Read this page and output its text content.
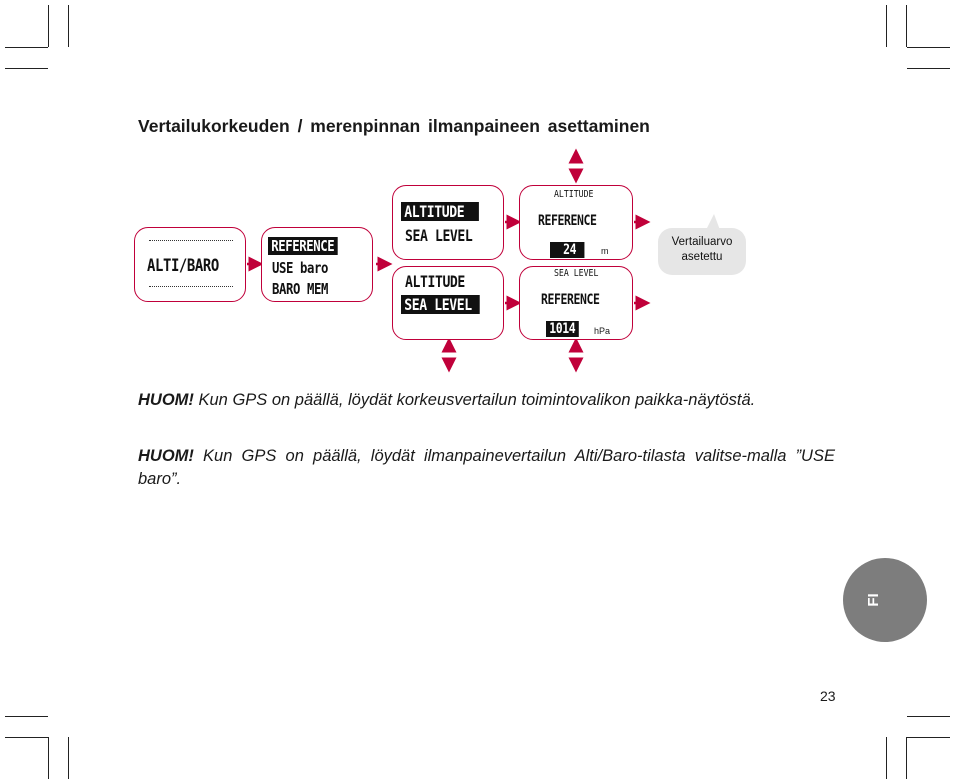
Vertailukorkeuden / merenpinnan ilmanpaineen asettaminen
ALTI/BARO
REFERENCE
USE baro
BARO MEM
ALTITUDE
SEA LEVEL
ALTITUDE
SEA LEVEL
ALTITUDE
REFERENCE
24	m
SEA LEVEL
REFERENCE
1014	hPa
Vertailuarvo
asetettu
HUOM! Kun GPS on päällä, löydät korkeusvertailun toimintovalikon paikka-näytöstä.
HUOM! Kun GPS on päällä, löydät ilmanpainevertailun Alti/Baro-tilasta valitse-malla ”USE baro”.
FI
23
